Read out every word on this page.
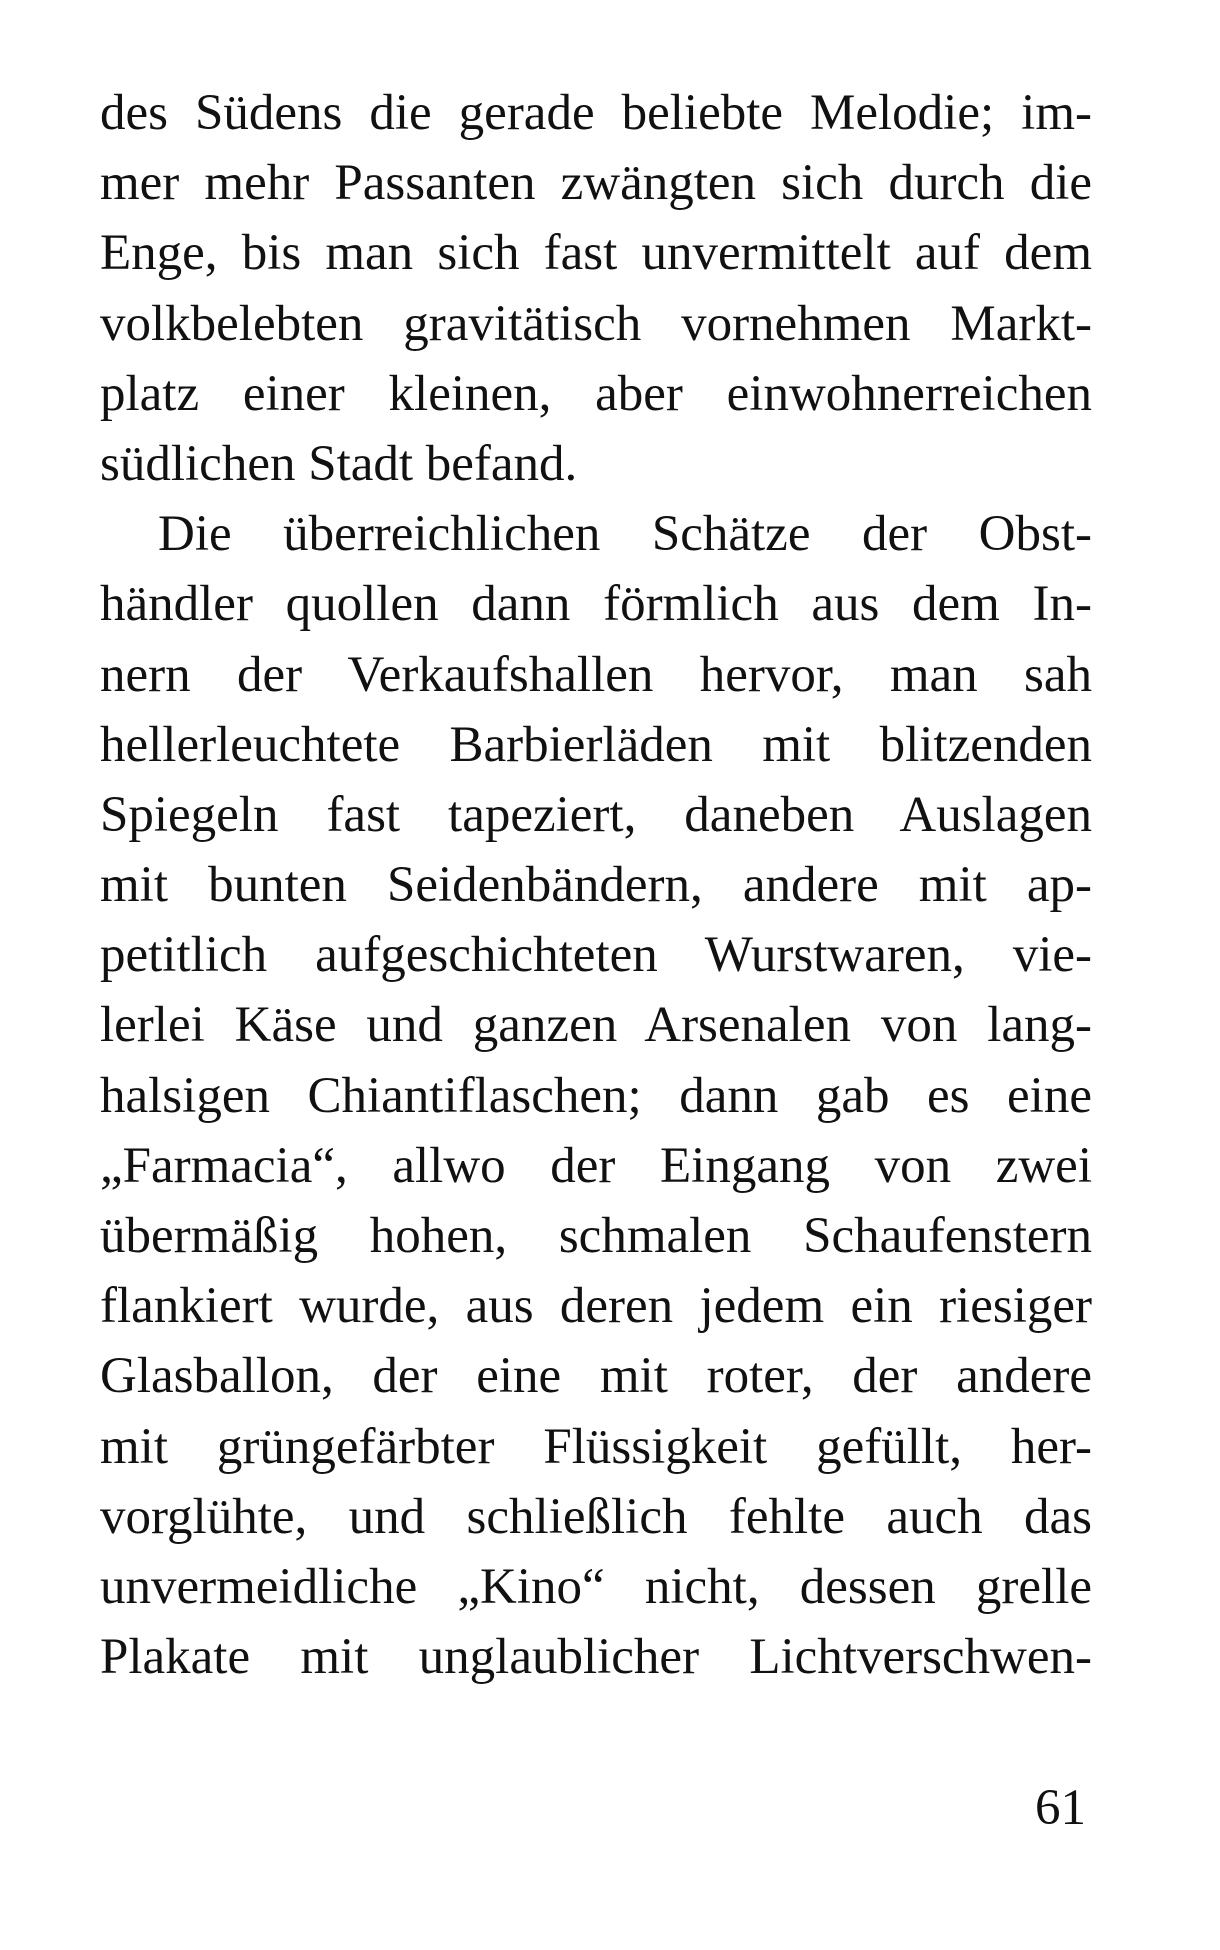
des Südens die gerade beliebte Melodie; im-
mer mehr Passanten zwängten sich durch die
Enge, bis man sich fast unvermittelt auf dem
volkbelebten gravitätisch vornehmen Markt-
platz einer kleinen, aber einwohnerreichen
südlichen Stadt befand.
Die überreichlichen Schätze der Obst-
händler quollen dann förmlich aus dem In-
nern der Verkaufshallen hervor, man sah
hellerleuchtete Barbierläden mit blitzenden
Spiegeln fast tapeziert, daneben Auslagen
mit bunten Seidenbändern, andere mit ap-
petitlich aufgeschichteten Wurstwaren, vie-
lerlei Käse und ganzen Arsenalen von lang-
halsigen Chiantiflaschen; dann gab es eine
„Farmacia“, allwo der Eingang von zwei
übermäßig hohen, schmalen Schaufenstern
flankiert wurde, aus deren jedem ein riesiger
Glasballon, der eine mit roter, der andere
mit grüngefärbter Flüssigkeit gefüllt, her-
vorglühte, und schließlich fehlte auch das
unvermeidliche „Kino“ nicht, dessen grelle
Plakate mit unglaublicher Lichtverschwen-
61
